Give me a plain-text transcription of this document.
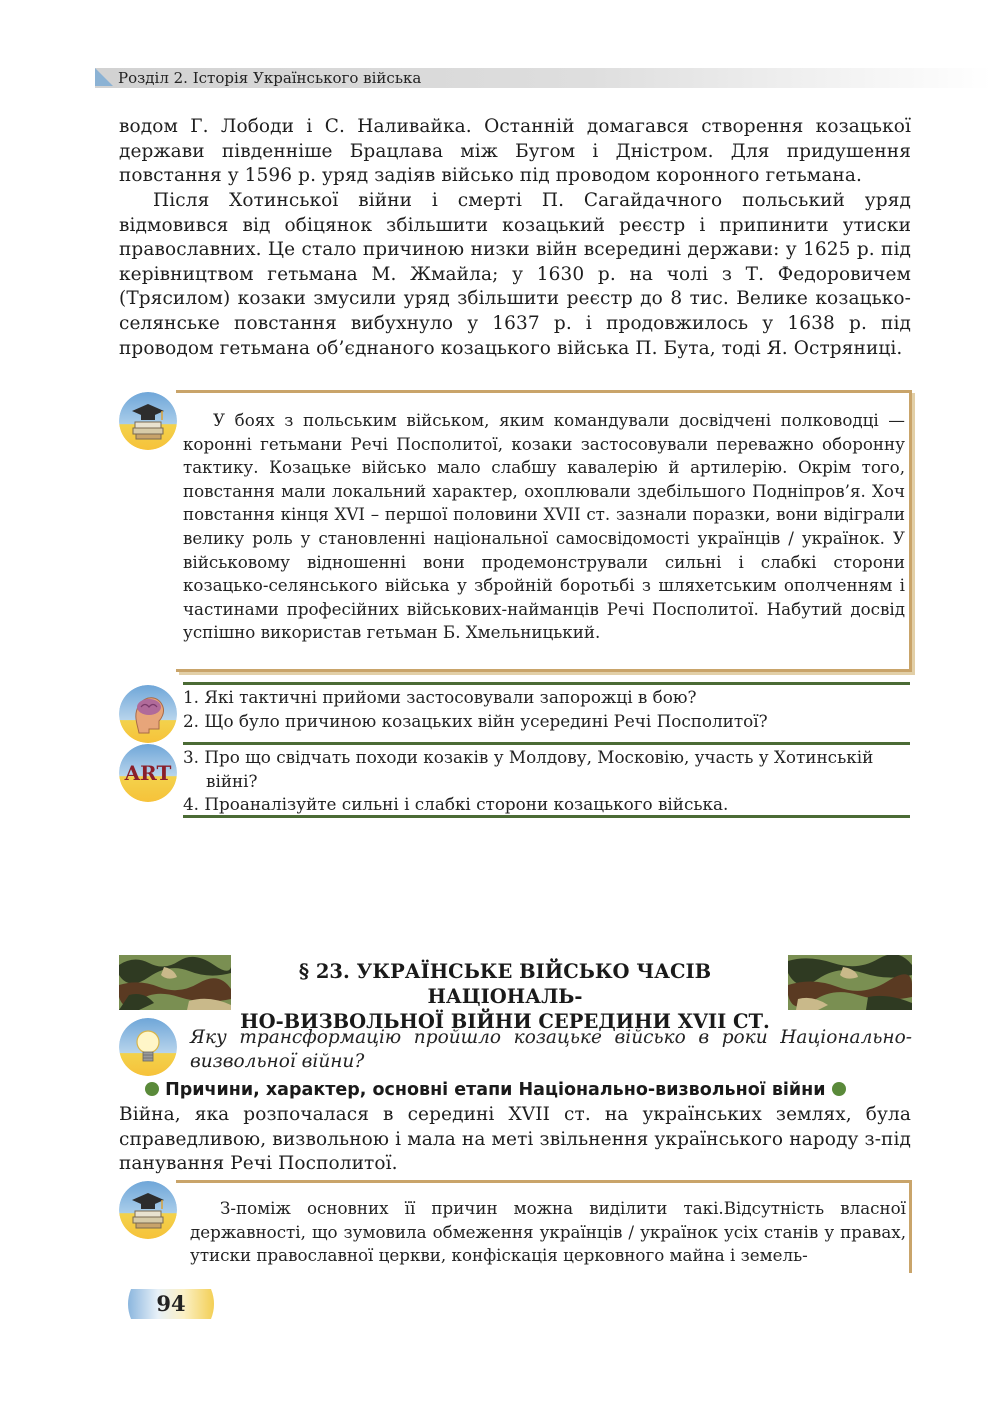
Розділ 2. Історія Українського війська
водом Г. Лободи і С. Наливайка. Останній домагався створення козацької держави південніше Брацлава між Бугом і Дністром. Для придушення повстання у 1596 р. уряд задіяв військо під проводом коронного гетьмана.
Після Хотинської війни і смерті П. Сагайдачного польський уряд відмовився від обіцянок збільшити козацький реєстр і припинити утиски православних. Це стало причиною низки війн всередині держави: у 1625 р. під керівництвом гетьмана М. Жмайла; у 1630 р. на чолі з Т. Федоровичем (Трясилом) козаки змусили уряд збільшити реєстр до 8 тис. Велике козацько-селянське повстання вибухнуло у 1637 р. і продовжилось у 1638 р. під проводом гетьмана об’єднаного козацького війська П. Бута, тоді Я. Остряниці.
У боях з польським військом, яким командували досвідчені полководці — коронні гетьмани Речі Посполитої, козаки застосовували переважно оборонну тактику. Козацьке військо мало слабшу кавалерію й артилерію. Окрім того, повстання мали локальний характер, охоплювали здебільшого Подніпров’я. Хоч повстання кінця XVI – першої половини XVII ст. зазнали поразки, вони відіграли велику роль у становленні національної самосвідомості українців / українок. У військовому відношенні вони продемонстрували сильні і слабкі сторони козацько-селянського війська у збройній боротьбі з шляхетським ополченням і частинами професійних військових-найманців Речі Посполитої. Набутий досвід успішно використав гетьман Б. Хмельницький.
1. Які тактичні прийоми застосовували запорожці в бою?
2. Що було причиною козацьких війн усередині Речі Посполитої?
ART
3. Про що свідчать походи козаків у Молдову, Московію, участь у Хотинській війні?
4. Проаналізуйте сильні і слабкі сторони козацького війська.
§ 23. УКРАЇНСЬКЕ ВІЙСЬКО ЧАСІВ НАЦІОНАЛЬ-
НО-ВИЗВОЛЬНОЇ ВІЙНИ СЕРЕДИНИ XVII СТ.
Яку трансформацію пройшло козацьке військо в роки Національно-визвольної війни?
Причини, характер, основні етапи Національно-визвольної війни
Війна, яка розпочалася в середині XVII ст. на українських землях, була справедливою, визвольною і мала на меті звільнення українського народу з-під панування Речі Посполитої.
З-поміж основних її причин можна виділити такі.Відсутність власної державності, що зумовила обмеження українців / українок усіх станів у правах, утиски православної церкви, конфіскація церковного майна і земель-
94
